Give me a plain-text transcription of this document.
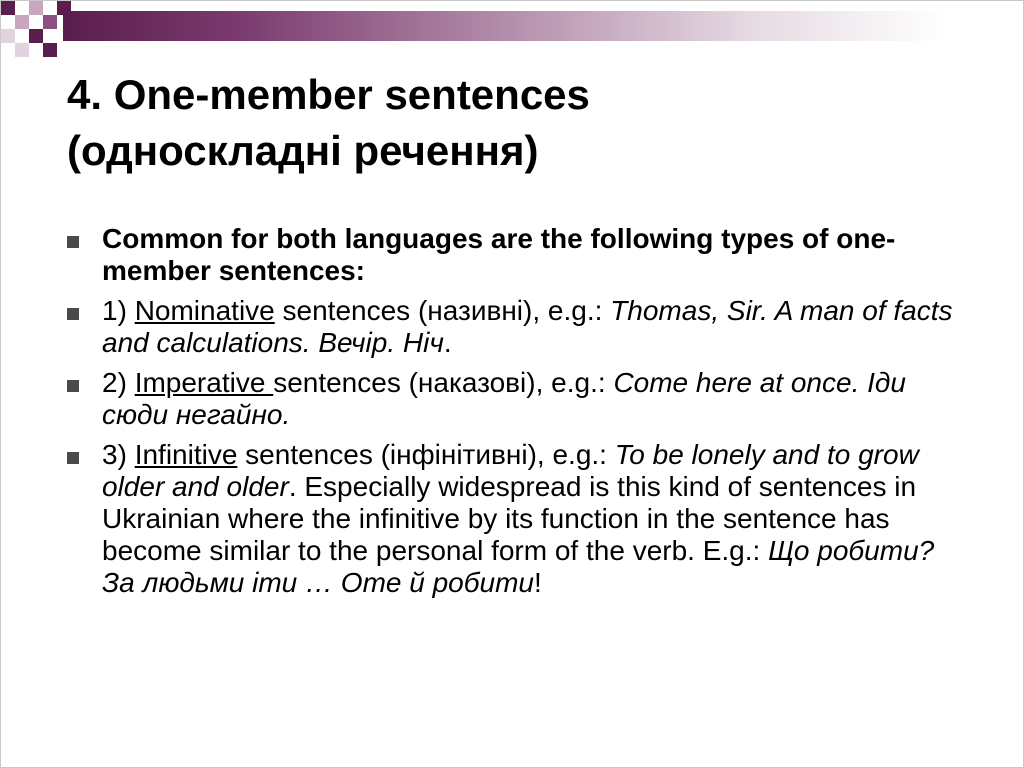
4. One-member sentences
(односкладні речення)
Common for both languages are the following types of one-member sentences:
1) Nominative sentences (називні), e.g.: Thomas, Sir. A man of facts and calculations. Вечір. Ніч.
2) Imperative sentences (наказові), e.g.: Come here at once. Іди сюди негайно.
3) Infinitive sentences (інфінітивні), e.g.: To be lonely and to grow older and older. Especially widespread is this kind of sentences in Ukrainian where the infinitive by its function in the sentence has become similar to the personal form of the verb. E.g.: Що робити? За людьми іти … Оте й робити!
